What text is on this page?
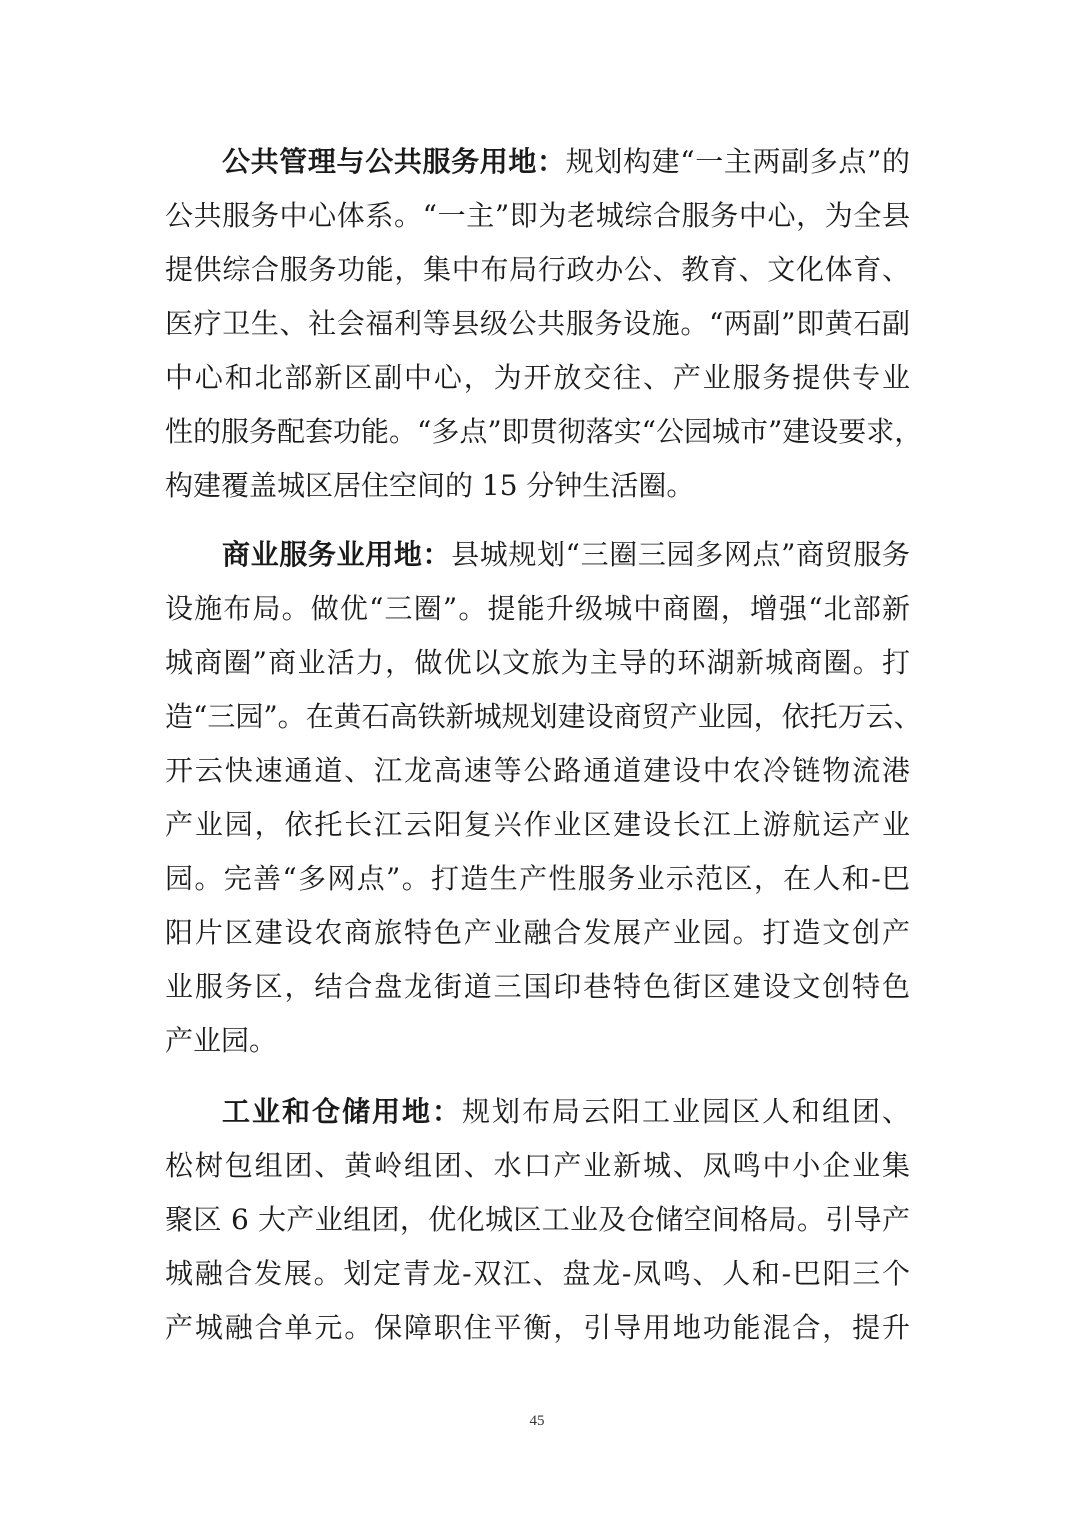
公共管理与公共服务用地：规划构建“一主两副多点”的
公共服务中心体系。“一主”即为老城综合服务中心，为全县
提供综合服务功能，集中布局行政办公、教育、文化体育、
医疗卫生、社会福利等县级公共服务设施。“两副”即黄石副
中心和北部新区副中心，为开放交往、产业服务提供专业
性的服务配套功能。“多点”即贯彻落实“公园城市”建设要求，
构建覆盖城区居住空间的 15 分钟生活圈。
商业服务业用地：县城规划“三圈三园多网点”商贸服务
设施布局。做优“三圈”。提能升级城中商圈，增强“北部新
城商圈”商业活力，做优以文旅为主导的环湖新城商圈。打
造“三园”。在黄石高铁新城规划建设商贸产业园，依托万云、
开云快速通道、江龙高速等公路通道建设中农冷链物流港
产业园，依托长江云阳复兴作业区建设长江上游航运产业
园。完善“多网点”。打造生产性服务业示范区，在人和-巴
阳片区建设农商旅特色产业融合发展产业园。打造文创产
业服务区，结合盘龙街道三国印巷特色街区建设文创特色
产业园。
工业和仓储用地：规划布局云阳工业园区人和组团、
松树包组团、黄岭组团、水口产业新城、凤鸣中小企业集
聚区 6 大产业组团，优化城区工业及仓储空间格局。引导产
城融合发展。划定青龙-双江、盘龙-凤鸣、人和-巴阳三个
产城融合单元。保障职住平衡，引导用地功能混合，提升
45
